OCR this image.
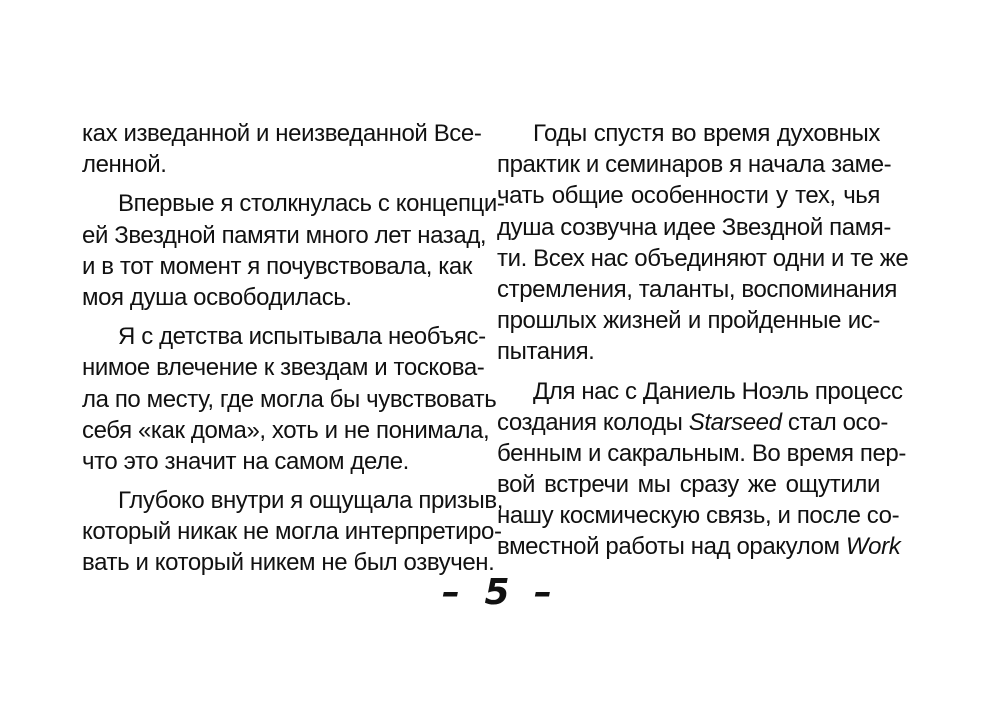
ках изведанной и неизведанной Все-
ленной.
Впервые я столкнулась с концепци-
ей Звездной памяти много лет назад,
и в тот момент я почувствовала, как
моя душа освободилась.
Я с детства испытывала необъяс-
нимое влечение к звездам и тоскова-
ла по месту, где могла бы чувствовать
себя «как дома», хоть и не понимала,
что это значит на самом деле.
Глубоко внутри я ощущала призыв,
который никак не могла интерпретиро-
вать и который никем не был озвучен.
Годы спустя во время духовных
практик и семинаров я начала заме-
чать общие особенности у тех, чья
душа созвучна идее Звездной памя-
ти. Всех нас объединяют одни и те же
стремления, таланты, воспоминания
прошлых жизней и пройденные ис-
пытания.
Для нас с Даниель Ноэль процесс
создания колоды Starseed стал осо-
бенным и сакральным. Во время пер-
вой встречи мы сразу же ощутили
нашу космическую связь, и после со-
вместной работы над оракулом Work
– 5 –
